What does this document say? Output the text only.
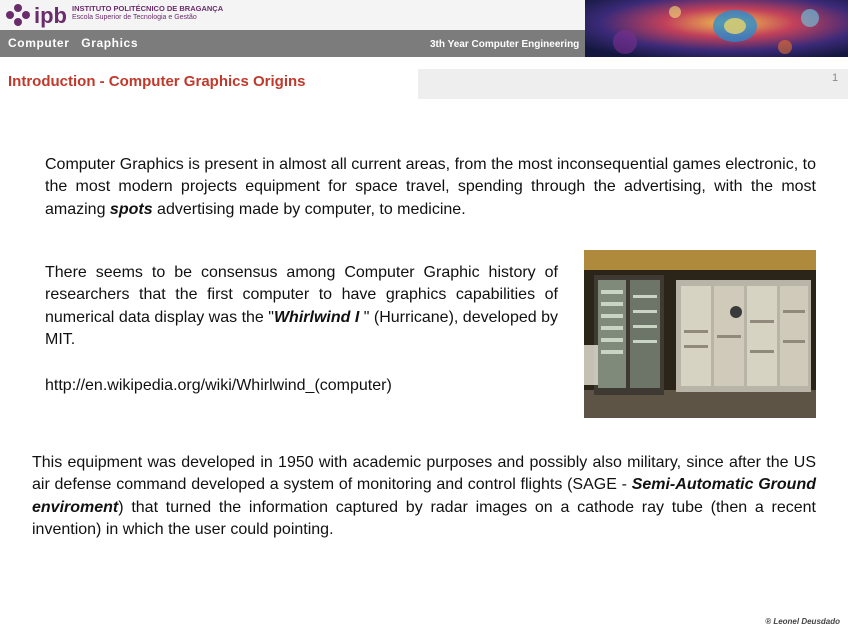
ipb INSTITUTO POLITÉCNICO DE BRAGANÇA
Escola Superior de Tecnologia e Gestão
Computer   Graphics	3th Year Computer Engineering
Introduction - Computer Graphics Origins	1

Computer Graphics is present in almost all current areas, from the most inconsequential games electronic, to the most modern projects equipment for space travel, spending through the advertising, with the most amazing spots advertising made by computer, to medicine.

There seems to be consensus among Computer Graphic history of researchers that the first computer to have graphics capabilities of numerical data display was the "Whirlwind I " (Hurricane), developed by MIT.

http://en.wikipedia.org/wiki/Whirlwind_(computer)

This equipment was developed in 1950 with academic purposes and possibly also military, since after the US air defense command developed a system of monitoring and control flights (SAGE - Semi-Automatic Ground enviroment) that turned the information captured by radar images on a cathode ray tube (then a recent invention) in which the user could pointing.

® Leonel Deusdado
